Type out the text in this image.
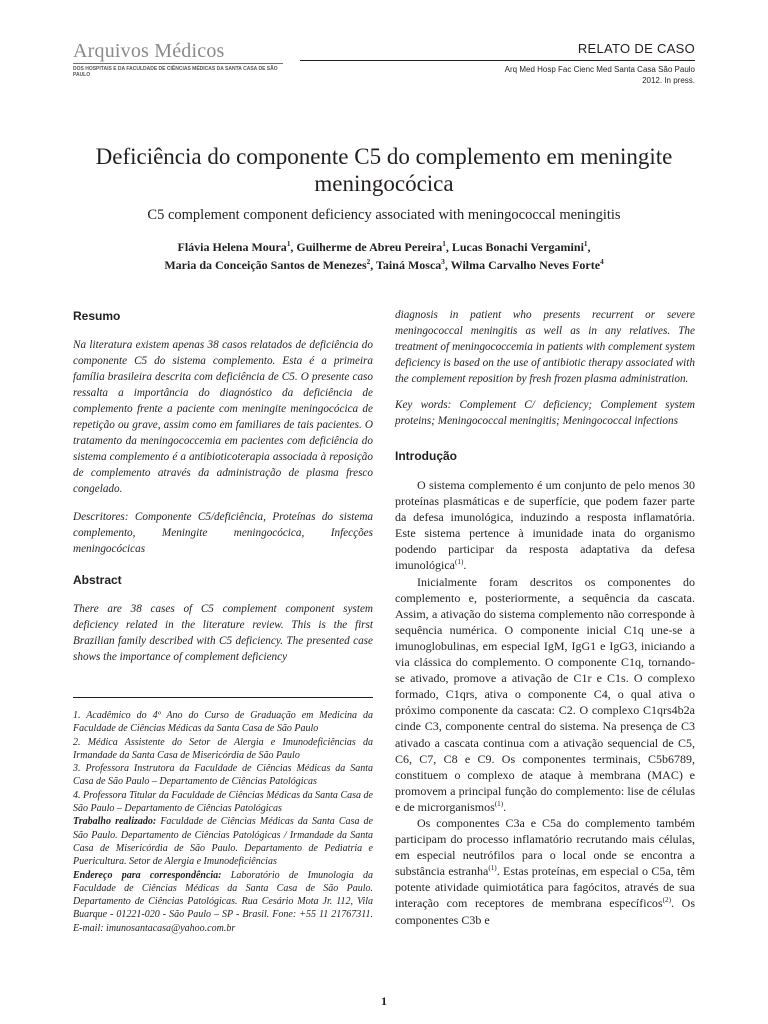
Arquivos Médicos
DOS HOSPITAIS E DA FACULDADE DE CIÊNCIAS MÉDICAS DA SANTA CASA DE SÃO PAULO
RELATO DE CASO
Arq Med Hosp Fac Cienc Med Santa Casa São Paulo
2012. In press.
Deficiência do componente C5 do complemento em meningite meningocócica
C5 complement component deficiency associated with meningococcal meningitis
Flávia Helena Moura$^1$, Guilherme de Abreu Pereira$^1$, Lucas Bonachi Vergamini$^1$,
Maria da Conceição Santos de Menezes$^2$, Tainá Mosca$^3$, Wilma Carvalho Neves Forte$^4$
Resumo

Na literatura existem apenas 38 casos relatados de deficiência do componente C5 do sistema complemento. Esta é a primeira família brasileira descrita com deficiência de C5. O presente caso ressalta a importância do diagnóstico da deficiência de complemento frente a paciente com meningite meningocócica de repetição ou grave, assim como em familiares de tais pacientes. O tratamento da meningococcemia em pacientes com deficiência do sistema complemento é a antibioticoterapia associada à reposição de complemento através da administração de plasma fresco congelado.

Descritores: Componente C5/deficiência, Proteínas do sistema complemento, Meningite meningocócica, Infecções meningocócicas

Abstract

There are 38 cases of C5 complement component system deficiency related in the literature review. This is the first Brazilian family described with C5 deficiency. The presented case shows the importance of complement deficiency

1. Acadêmico do 4º Ano do Curso de Graduação em Medicina da Faculdade de Ciências Médicas da Santa Casa de São Paulo

2. Médica Assistente do Setor de Alergia e Imunodeficiências da Irmandade da Santa Casa de Misericórdia de São Paulo

3. Professora Instrutora da Faculdade de Ciências Médicas da Santa Casa de São Paulo – Departamento de Ciências Patológicas

4. Professora Titular da Faculdade de Ciências Médicas da Santa Casa de São Paulo – Departamento de Ciências Patológicas

Trabalho realizado: Faculdade de Ciências Médicas da Santa Casa de São Paulo. Departamento de Ciências Patológicas / Irmandade da Santa Casa de Misericórdia de São Paulo. Departamento de Pediatria e Puericultura. Setor de Alergia e Imunodeficiências

Endereço para correspondência: Laboratório de Imunologia da Faculdade de Ciências Médicas da Santa Casa de São Paulo. Departamento de Ciências Patológicas. Rua Cesário Mota Jr. 112, Vila Buarque - 01221-020 - São Paulo – SP - Brasil. Fone: +55 11 21767311. E-mail: imunosantacasa@yahoo.com.br

diagnosis in patient who presents recurrent or severe meningococcal meningitis as well as in any relatives. The treatment of meningococcemia in patients with complement system deficiency is based on the use of antibiotic therapy associated with the complement reposition by fresh frozen plasma administration.

Key words: Complement C/ deficiency; Complement system proteins; Meningococcal meningitis; Meningococcal infections

Introdução

O sistema complemento é um conjunto de pelo menos 30 proteínas plasmáticas e de superfície, que podem fazer parte da defesa imunológica, induzindo a resposta inflamatória. Este sistema pertence à imunidade inata do organismo podendo participar da resposta adaptativa da defesa imunológica$^{(1)}$.

Inicialmente foram descritos os componentes do complemento e, posteriormente, a sequência da cascata. Assim, a ativação do sistema complemento não corresponde à sequência numérica. O componente inicial C1q une-se a imunoglobulinas, em especial IgM, IgG1 e IgG3, iniciando a via clássica do complemento. O componente C1q, tornando-se ativado, promove a ativação de C1r e C1s. O complexo formado, C1qrs, ativa o componente C4, o qual ativa o próximo componente da cascata: C2. O complexo C1qrs4b2a cinde C3, componente central do sistema. Na presença de C3 ativado a cascata continua com a ativação sequencial de C5, C6, C7, C8 e C9. Os componentes terminais, C5b6789, constituem o complexo de ataque à membrana (MAC) e promovem a principal função do complemento: lise de células e de microrganismos$^{(1)}$.

Os componentes C3a e C5a do complemento também participam do processo inflamatório recrutando mais células, em especial neutrófilos para o local onde se encontra a substância estranha$^{(1)}$. Estas proteínas, em especial o C5a, têm potente atividade quimiotática para fagócitos, através de sua interação com receptores de membrana específicos$^{(2)}$. Os componentes C3b e

1
